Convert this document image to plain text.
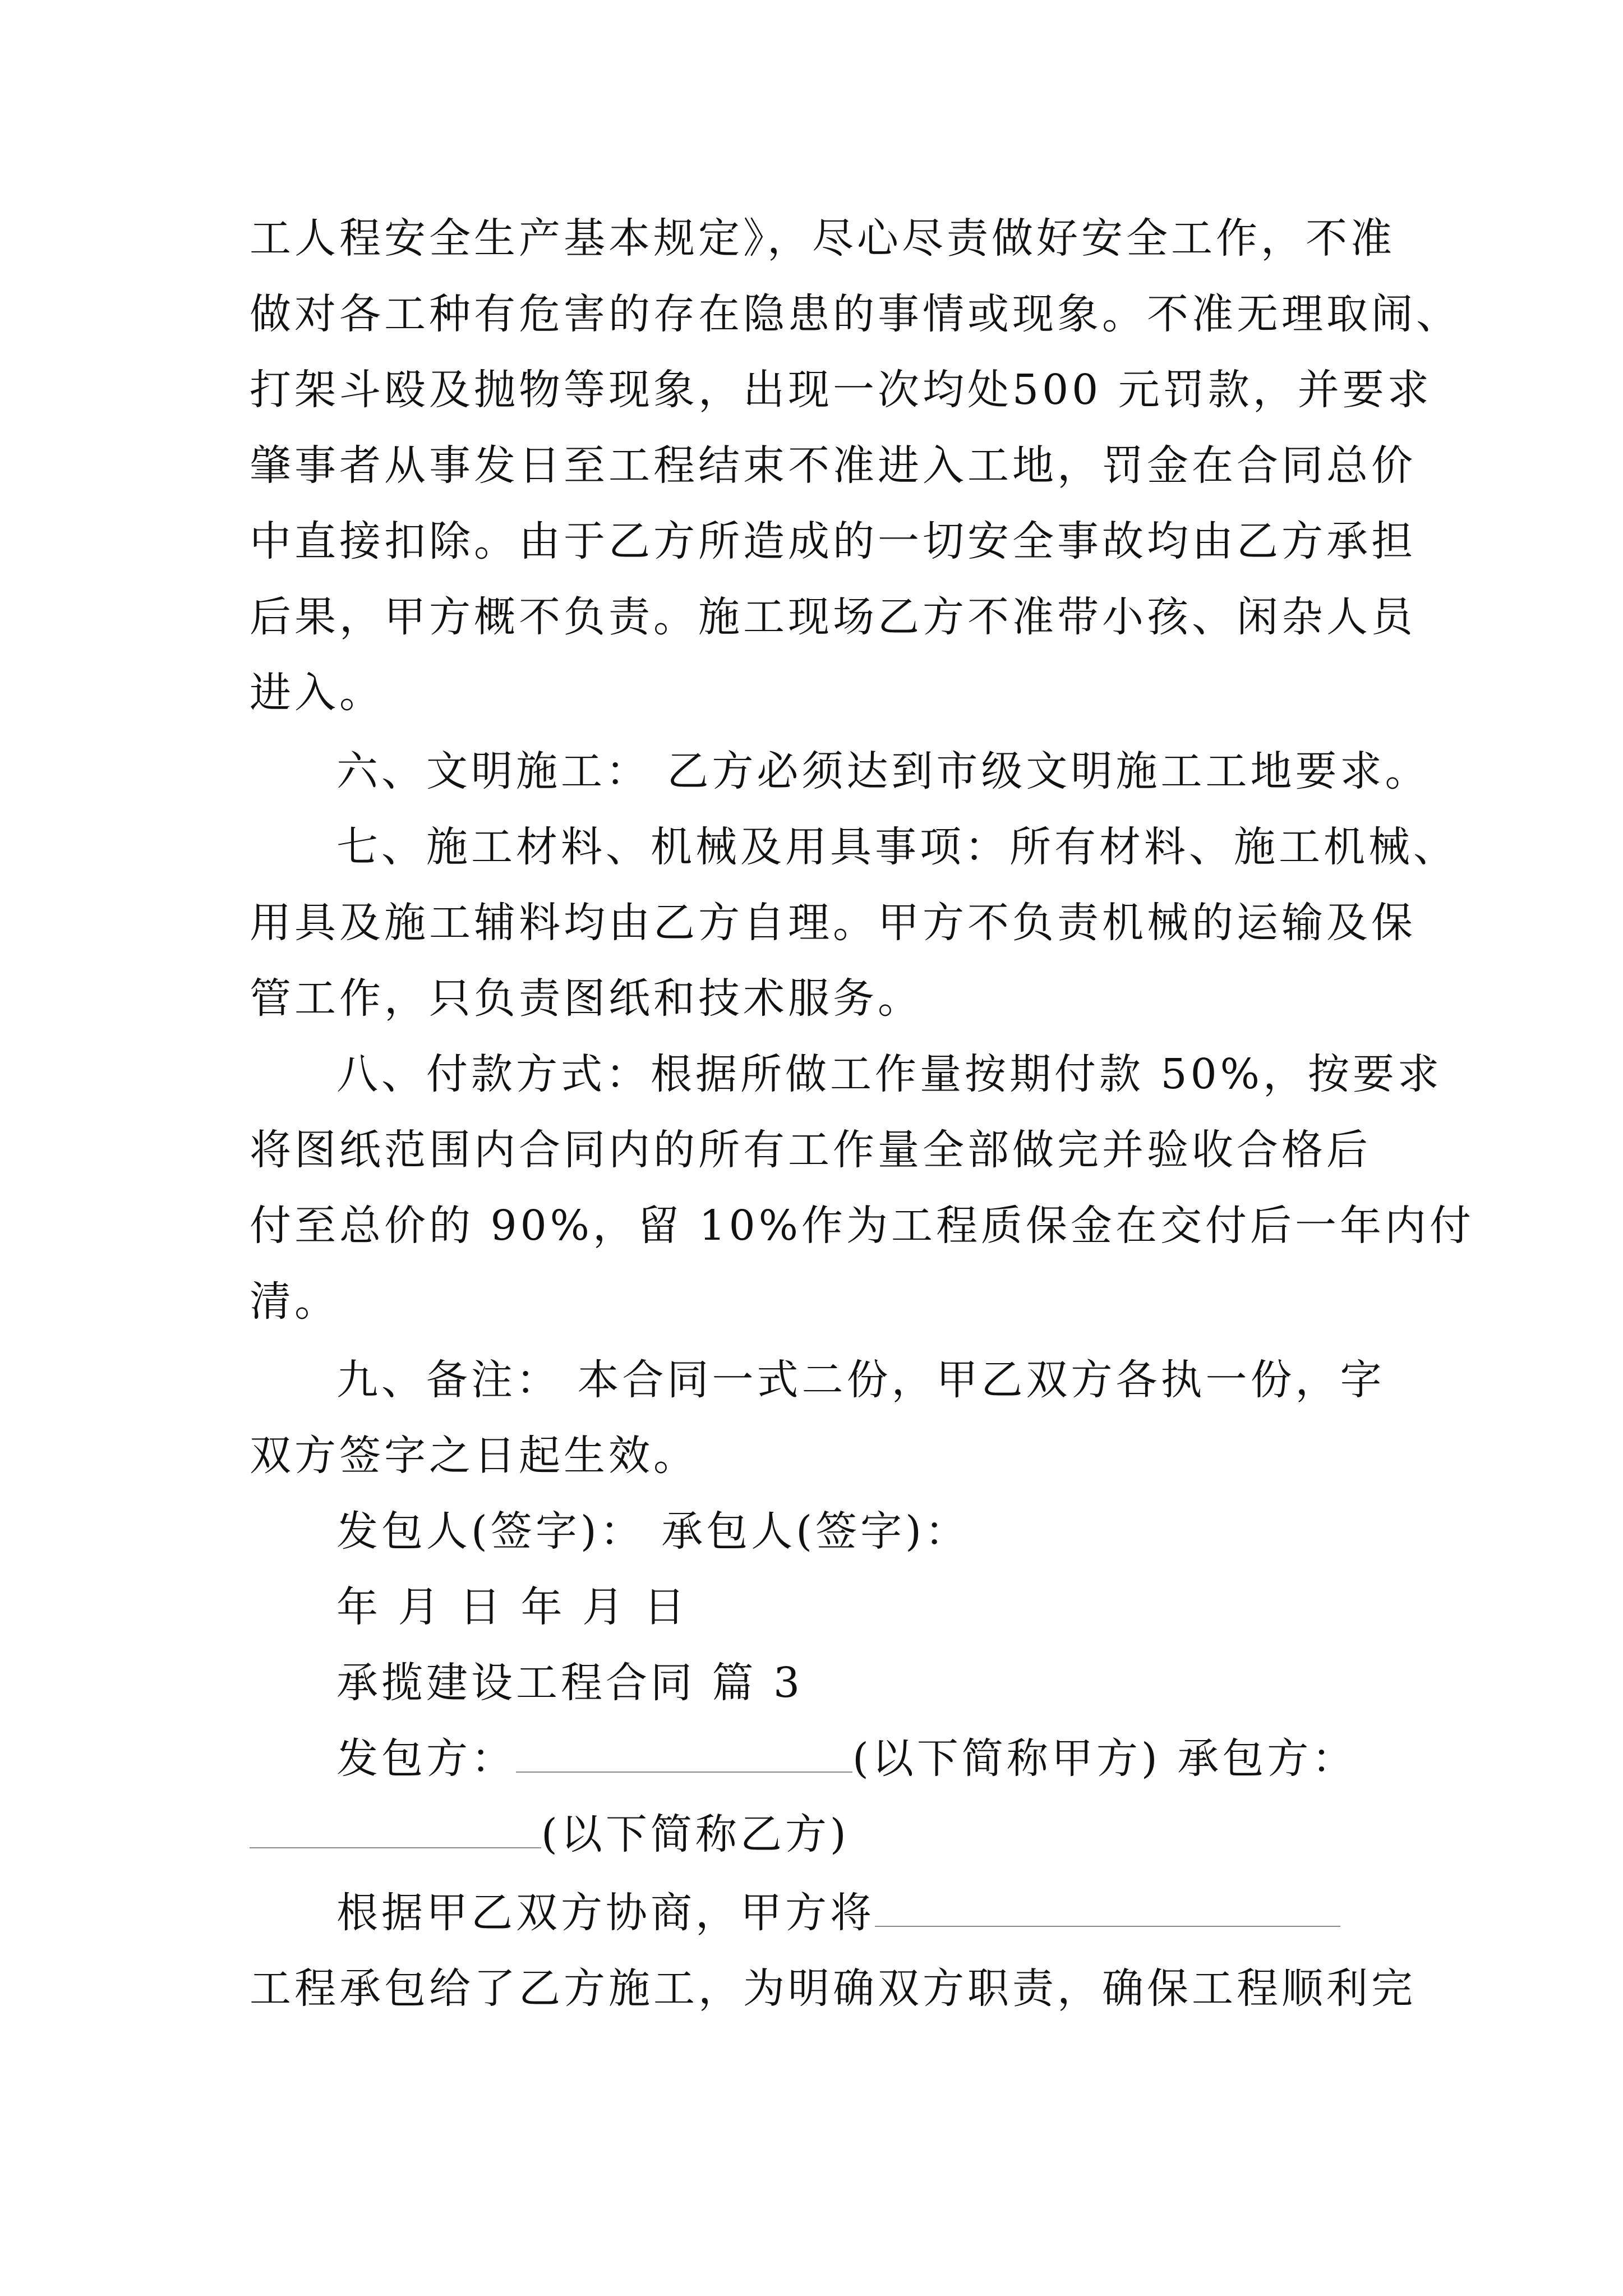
工人程安全生产基本规定》，尽心尽责做好安全工作，不准
做对各工种有危害的存在隐患的事情或现象。不准无理取闹、
打架斗殴及抛物等现象，出现一次均处500 元罚款，并要求
肇事者从事发日至工程结束不准进入工地，罚金在合同总价
中直接扣除。由于乙方所造成的一切安全事故均由乙方承担
后果，甲方概不负责。施工现场乙方不准带小孩、闲杂人员
进入。
六、文明施工： 乙方必须达到市级文明施工工地要求。
七、施工材料、机械及用具事项：所有材料、施工机械、
用具及施工辅料均由乙方自理。甲方不负责机械的运输及保
管工作，只负责图纸和技术服务。
八、付款方式：根据所做工作量按期付款 50%，按要求
将图纸范围内合同内的所有工作量全部做完并验收合格后
付至总价的 90%，留 10%作为工程质保金在交付后一年内付
清。
九、备注： 本合同一式二份，甲乙双方各执一份，字
双方签字之日起生效。
发包人(签字)： 承包人(签字)：
年 月 日 年 月 日
承揽建设工程合同 篇 3
发包方：	(以下简称甲方) 承包方：
(以下简称乙方)
根据甲乙双方协商，甲方将
工程承包给了乙方施工，为明确双方职责，确保工程顺利完
